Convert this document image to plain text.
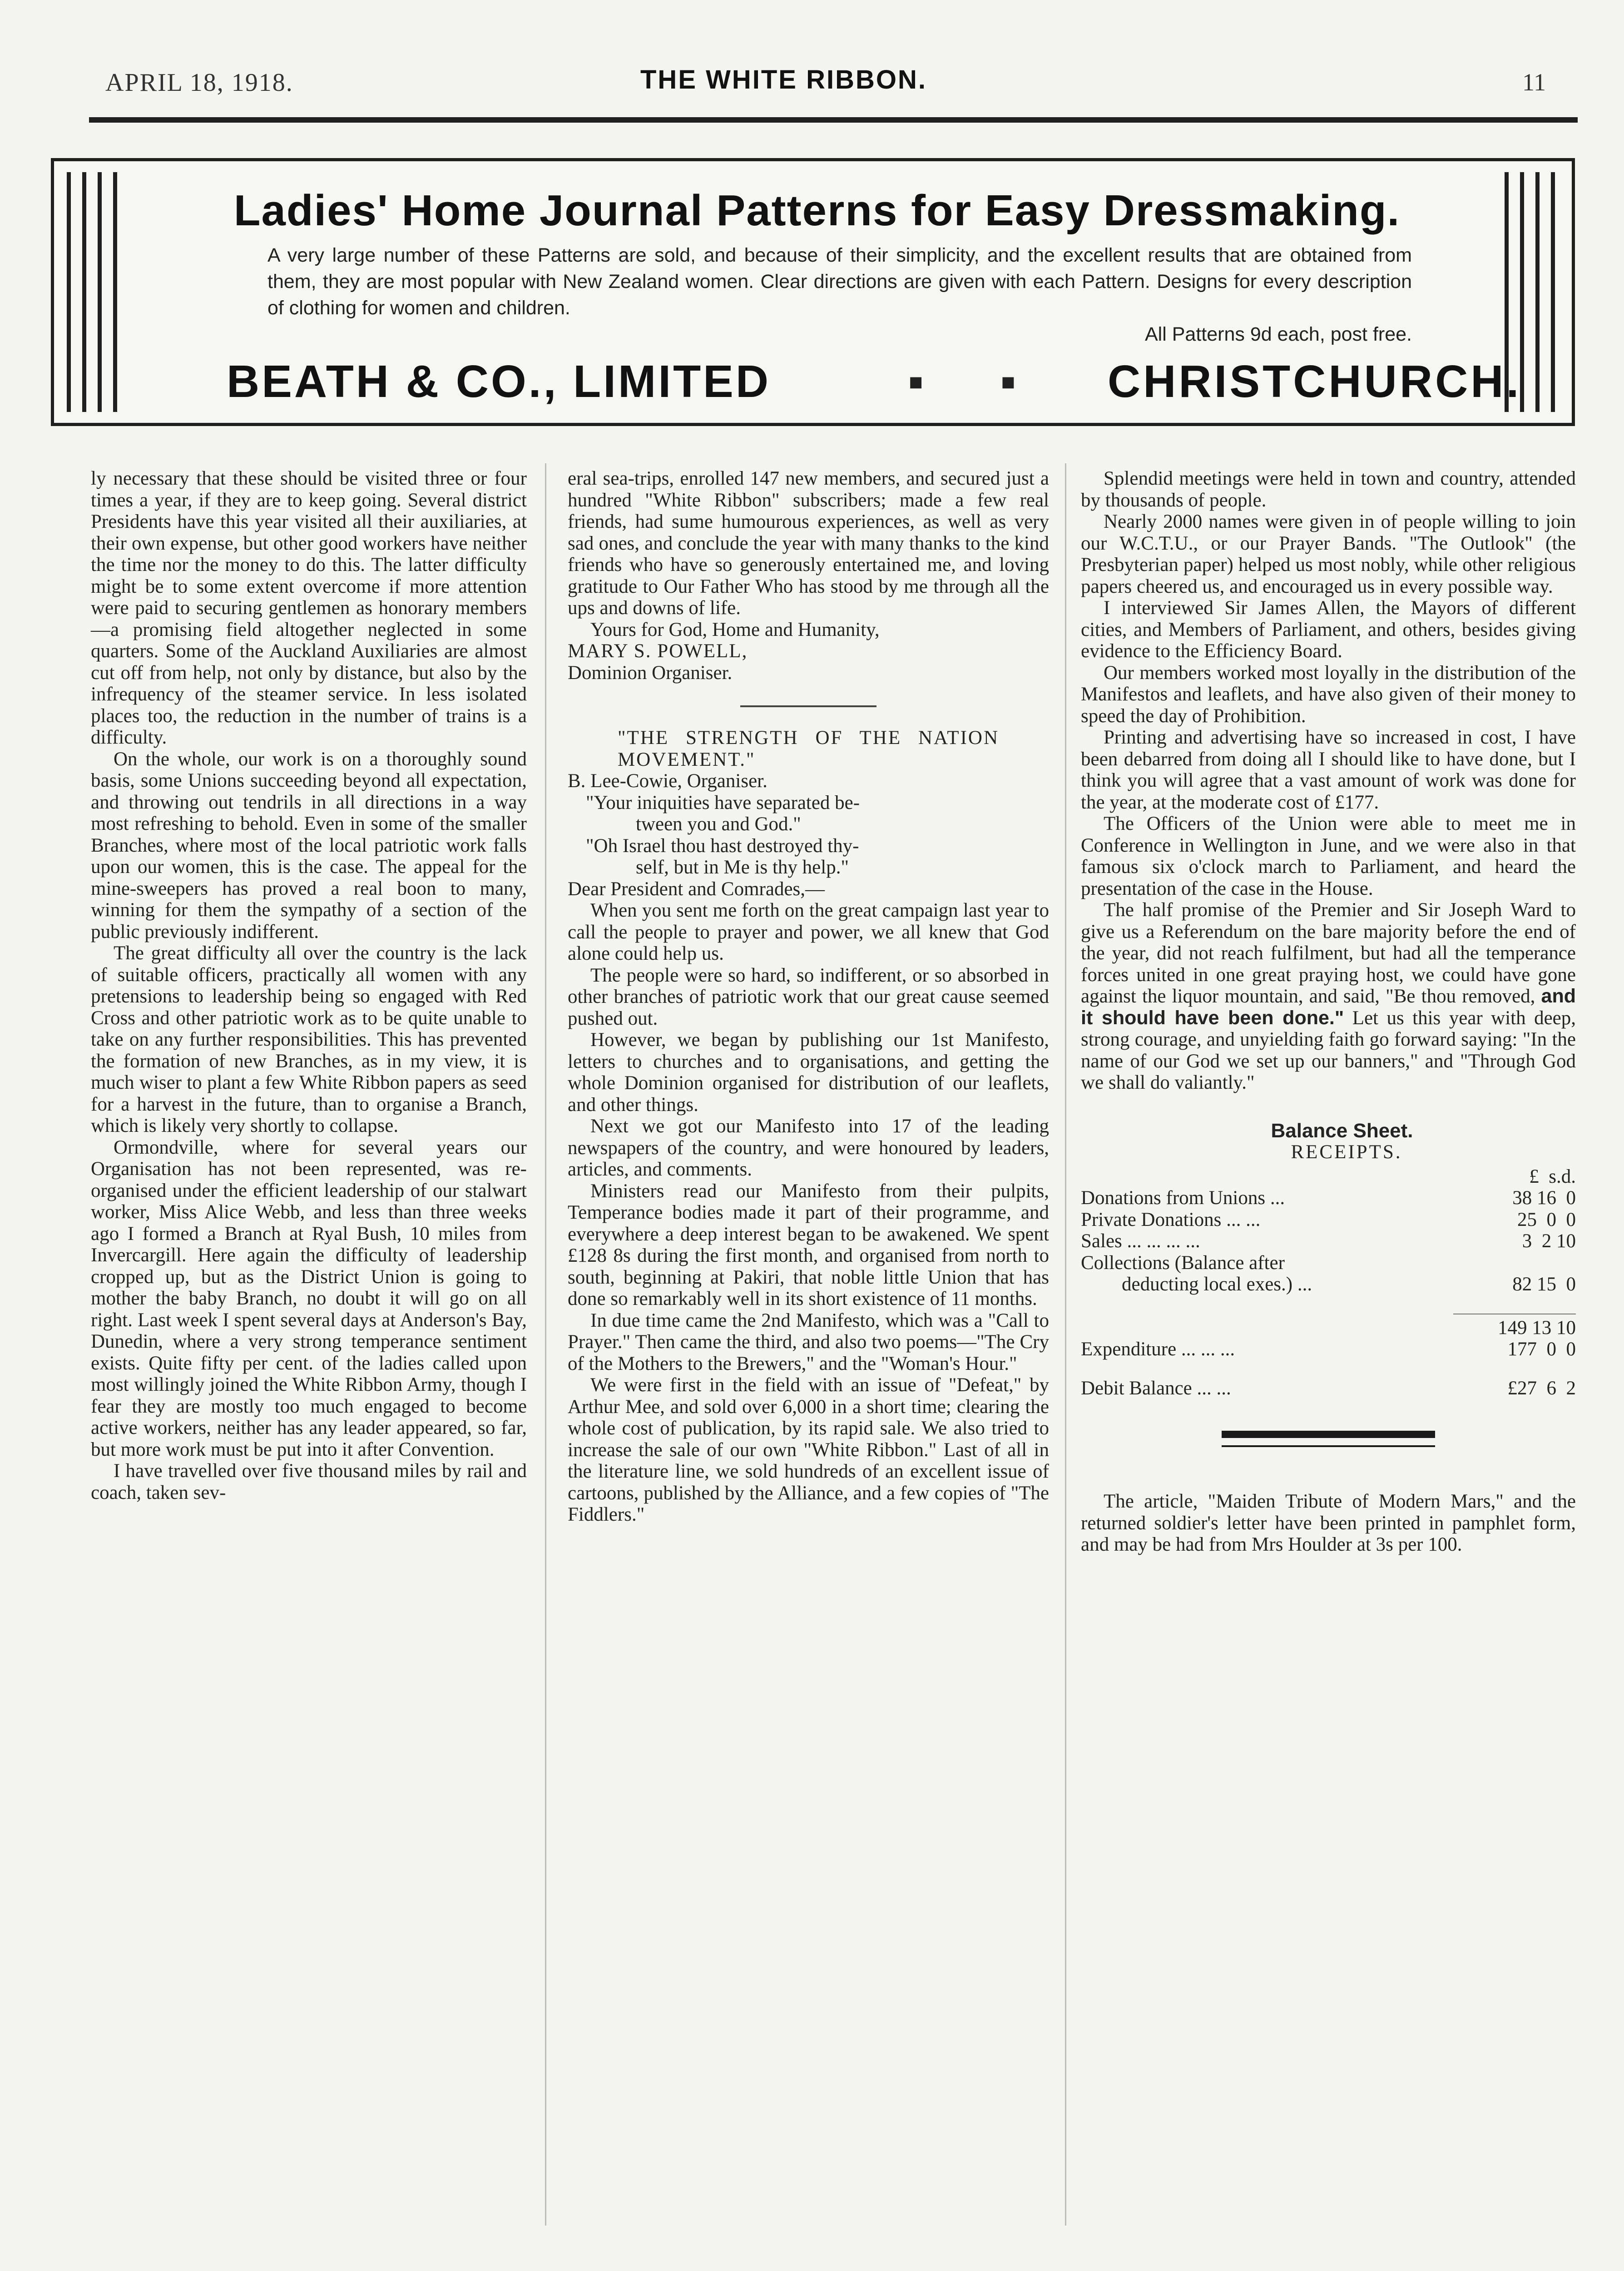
APRIL 18, 1918.	THE WHITE RIBBON.	11
Ladies' Home Journal Patterns for Easy Dressmaking.
A very large number of these Patterns are sold, and because of their simplicity, and the excellent results that are obtained from them, they are most popular with New Zealand women. Clear directions are given with each Pattern. Designs for every description of clothing for women and children.
All Patterns 9d each, post free.
BEATH & CO., LIMITED	▪ ▪ CHRISTCHURCH.

ly necessary that these should be visited three or four times a year, if they are to keep going. Several district Presidents have this year visited all their auxiliaries, at their own expense, but other good workers have neither the time nor the money to do this. The latter difficulty might be to some extent overcome if more attention were paid to securing gentlemen as honorary members—a promising field altogether neglected in some quarters. Some of the Auckland Auxiliaries are almost cut off from help, not only by distance, but also by the infrequency of the steamer service. In less isolated places too, the reduction in the number of trains is a difficulty.

On the whole, our work is on a thoroughly sound basis, some Unions succeeding beyond all expectation, and throwing out tendrils in all directions in a way most refreshing to behold. Even in some of the smaller Branches, where most of the local patriotic work falls upon our women, this is the case. The appeal for the mine-sweepers has proved a real boon to many, winning for them the sympathy of a section of the public previously indifferent.

The great difficulty all over the country is the lack of suitable officers, practically all women with any pretensions to leadership being so engaged with Red Cross and other patriotic work as to be quite unable to take on any further responsibilities. This has prevented the formation of new Branches, as in my view, it is much wiser to plant a few White Ribbon papers as seed for a harvest in the future, than to organise a Branch, which is likely very shortly to collapse.

Ormondville, where for several years our Organisation has not been represented, was re-organised under the efficient leadership of our stalwart worker, Miss Alice Webb, and less than three weeks ago I formed a Branch at Ryal Bush, 10 miles from Invercargill. Here again the difficulty of leadership cropped up, but as the District Union is going to mother the baby Branch, no doubt it will go on all right. Last week I spent several days at Anderson's Bay, Dunedin, where a very strong temperance sentiment exists. Quite fifty per cent. of the ladies called upon most willingly joined the White Ribbon Army, though I fear they are mostly too much engaged to become active workers, neither has any leader appeared, so far, but more work must be put into it after Convention.

I have travelled over five thousand miles by rail and coach, taken sev-

eral sea-trips, enrolled 147 new members, and secured just a hundred "White Ribbon" subscribers; made a few real friends, had sume humourous experiences, as well as very sad ones, and conclude the year with many thanks to the kind friends who have so generously entertained me, and loving gratitude to Our Father Who has stood by me through all the ups and downs of life.

Yours for God, Home and Humanity,

MARY S. POWELL,

Dominion Organiser.

"THE STRENGTH OF THE NATION MOVEMENT."

B. Lee-Cowie, Organiser.

"Your iniquities have separated be-

tween you and God."

"Oh Israel thou hast destroyed thy-

self, but in Me is thy help."

Dear President and Comrades,—

When you sent me forth on the great campaign last year to call the people to prayer and power, we all knew that God alone could help us.

The people were so hard, so indifferent, or so absorbed in other branches of patriotic work that our great cause seemed pushed out.

However, we began by publishing our 1st Manifesto, letters to churches and to organisations, and getting the whole Dominion organised for distribution of our leaflets, and other things.

Next we got our Manifesto into 17 of the leading newspapers of the country, and were honoured by leaders, articles, and comments.

Ministers read our Manifesto from their pulpits, Temperance bodies made it part of their programme, and everywhere a deep interest began to be awakened. We spent £128 8s during the first month, and organised from north to south, beginning at Pakiri, that noble little Union that has done so remarkably well in its short existence of 11 months.

In due time came the 2nd Manifesto, which was a "Call to Prayer." Then came the third, and also two poems—"The Cry of the Mothers to the Brewers," and the "Woman's Hour."

We were first in the field with an issue of "Defeat," by Arthur Mee, and sold over 6,000 in a short time; clearing the whole cost of publication, by its rapid sale. We also tried to increase the sale of our own "White Ribbon." Last of all in the literature line, we sold hundreds of an excellent issue of cartoons, published by the Alliance, and a few copies of "The Fiddlers."

Splendid meetings were held in town and country, attended by thousands of people.

Nearly 2000 names were given in of people willing to join our W.C.T.U., or our Prayer Bands. "The Outlook" (the Presbyterian paper) helped us most nobly, while other religious papers cheered us, and encouraged us in every possible way.

I interviewed Sir James Allen, the Mayors of different cities, and Members of Parliament, and others, besides giving evidence to the Efficiency Board.

Our members worked most loyally in the distribution of the Manifestos and leaflets, and have also given of their money to speed the day of Prohibition.

Printing and advertising have so increased in cost, I have been debarred from doing all I should like to have done, but I think you will agree that a vast amount of work was done for the year, at the moderate cost of £177.

The Officers of the Union were able to meet me in Conference in Wellington in June, and we were also in that famous six o'clock march to Parliament, and heard the presentation of the case in the House.

The half promise of the Premier and Sir Joseph Ward to give us a Referendum on the bare majority before the end of the year, did not reach fulfilment, but had all the temperance forces united in one great praying host, we could have gone against the liquor mountain, and said, "Be thou removed, and it should have been done." Let us this year with deep, strong courage, and unyielding faith go forward saying: "In the name of our God we set up our banners," and "Through God we shall do valiantly."

Balance Sheet.
RECEIPTS.
£  s.d.
Donations from Unions ...	38 16  0
Private Donations ... ...	25  0  0
Sales ... ... ... ...	3  2 10
Collections (Balance after
deducting local exes.) ...	82 15  0
149 13 10
Expenditure ... ... ...	177  0  0
Debit Balance ... ...	£27  6  2

The article, "Maiden Tribute of Modern Mars," and the returned soldier's letter have been printed in pamphlet form, and may be had from Mrs Houlder at 3s per 100.
